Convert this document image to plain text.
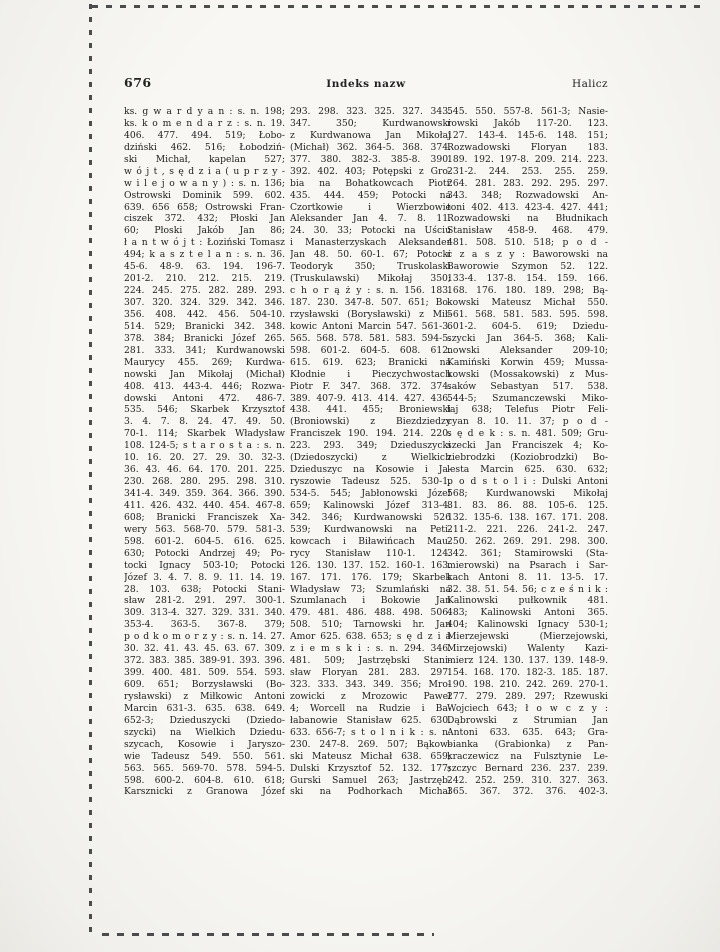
676	Indeks nazw	Halicz
ks. g w a r d y a n : s. n. 198;
ks. k o m e n d a r z : s. n. 19.
406. 477. 494. 519; Łobo-
dziński 462. 516; Łobodziń-
ski Michał, kapelan 527;
w ó j t , s ę d z i a ( u p r z y -
w i l e j o w a n y ) : s. n. 136;
Ostrowski Dominik 599. 602.
639. 656 658; Ostrowski Fran-
ciszek 372. 432; Płoski Jan
60; Płoski Jakób Jan 86;
ł a n t w ó j t : Łoziński Tomasz
494; k a s z t e l a n : s. n. 36.
45-6. 48-9. 63. 194. 196-7.
201-2. 210. 212. 215. 219.
224. 245. 275. 282. 289. 293.
307. 320. 324. 329. 342. 346.
356. 408. 442. 456. 504-10.
514. 529; Branicki 342. 348.
378. 384; Branicki Józef 265.
281. 333. 341; Kurdwanowski
Maurycy 455. 269; Kurdwa-
nowski Jan Mikołaj (Michał)
408. 413. 443-4. 446; Rozwa-
dowski Antoni 472. 486-7.
535. 546; Skarbek Krzysztof
3. 4. 7. 8. 24. 47. 49. 50.
70-1. 114; Skarbek Władysław
108. 124-5; s t a r o s t a : s. n.
10. 16. 20. 27. 29. 30. 32-3.
36. 43. 46. 64. 170. 201. 225.
230. 268. 280. 295. 298. 310.
341-4. 349. 359. 364. 366. 390.
411. 426. 432. 440. 454. 467-8.
608; Branicki Franciszek Xa-
wery 563. 568-70. 579. 581-3.
598. 601-2. 604-5. 616. 625.
630; Potocki Andrzej 49; Po-
tocki Ignacy 503-10; Potocki
Józef 3. 4. 7. 8. 9. 11. 14. 19.
28. 103. 638; Potocki Stani-
sław 281-2. 291. 297. 300-1.
309. 313-4. 327. 329. 331. 340.
353-4. 363-5. 367-8. 379;
p o d k o m o r z y : s. n. 14. 27.
30. 32. 41. 43. 45. 63. 67. 309.
372. 383. 385. 389-91. 393. 396.
399. 400. 481. 509. 554. 593.
609. 651; Borzysławski (Bo-
rysławski) z Miłkowic Antoni
Marcin 631-3. 635. 638. 649.
652-3; Dzieduszycki (Dziedo-
szycki) na Wielkich Dziedu-
szycach, Kosowie i Jaryszo-
wie Tadeusz 549. 550. 561.
563. 565. 569-70. 578. 594-5.
598. 600-2. 604-8. 610. 618;
Karsznicki z Granowa Józef
293. 298. 323. 325. 327. 343.
347. 350; Kurdwanowski
z Kurdwanowa Jan Mikołaj
(Michał) 362. 364-5. 368. 374.
377. 380. 382-3. 385-8. 390.
392. 402. 403; Potępski z Gro-
bia na Bohatkowcach Piotr
435. 444. 459; Potocki na
Czortkowie i Wierzbowie
Aleksander Jan 4. 7. 8. 11.
24. 30. 33; Potocki na Uściu
i Manasterzyskach Aleksander
Jan 48. 50. 60-1. 67; Potocki
Teodoryk 350; Truskolaski
(Truskulawski) Mikołaj 350;
c h o r ą ż y : s. n. 156. 183.
187. 230. 347-8. 507. 651; Bo-
rzysławski (Borysławski) z Mił-
kowic Antoni Marcin 547. 561-3.
565. 568. 578. 581. 583. 594-5.
598. 601-2. 604-5. 608. 612.
615. 619. 623; Branicki na
Kłodnie i Pieczychwostach
Piotr F. 347. 368. 372. 374.
389. 407-9. 413. 414. 427. 436.
438. 441. 455; Broniewski
(Broniowski) z Biezdziedzy
Franciszek 190. 194. 214. 220.
223. 293. 349; Dzieduszycki
(Dziedoszycki) z Wielkich
Dzieduszyc na Kosowie i Ja-
ryszowie Tadeusz 525. 530-1.
534-5. 545; Jabłonowski Józef
659; Kalinowski Józef 313-4.
342. 346; Kurdwanowski 526
539; Kurdwanowski na Peti-
kowcach i Biławińcach Mau-
rycy Stanisław 110-1. 124.
126. 130. 137. 152. 160-1. 163.
167. 171. 176. 179; Skarbek
Władysław 73; Szumlański na
Szumlanach i Bokowie Jan
479. 481. 486. 488. 498. 506.
508. 510; Tarnowski hr. Jan
Amor 625. 638. 653; s ę d z i a
z i e m s k i : s. n. 294. 346.
481. 509; Jastrzębski Stani-
sław Floryan 281. 283. 297.
323. 333. 343. 349. 356; Mro-
zowicki z Mrozowic Paweł
4; Worcell na Rudzie i Ba-
łabanowie Stanisław 625. 630.
633. 656-7; s t o l n i k : s. n.
230. 247-8. 269. 507; Bąkow-
ski Mateusz Michał 638. 659;
Dulski Krzysztof 52. 132. 177;
Gurski Samuel 263; Jastrzęb-
ski na Podhorkach Michał
545. 550. 557-8. 561-3; Nasie-
rowski Jakób 117-20. 123.
127. 143-4. 145-6. 148. 151;
Rozwadowski Floryan 183.
189. 192. 197-8. 209. 214. 223.
231-2. 244. 253. 255. 259.
264. 281. 283. 292. 295. 297.
343. 348; Rozwadowski An-
toni 402. 413. 423-4. 427. 441;
Rozwadowski na Błudnikach
Stanisław 458-9. 468. 479.
481. 508. 510. 518; p o d -
c z a s z y : Baworowski na
Baworowie Szymon 52. 122.
133-4. 137-8. 154. 159. 166.
168. 176. 180. 189. 298; Bą-
kowski Mateusz Michał 550.
561. 568. 581. 583. 595. 598.
601-2. 604-5. 619; Dziedu-
szycki Jan 364-5. 368; Kali-
nowski Aleksander 209-10;
Kamiński Korwin 459; Mussa-
kowski (Mossakowski) z Mus-
saków Sebastyan 517. 538.
544-5; Szumanczewski Miko-
łaj 638; Telefus Piotr Feli-
cyan 8. 10. 11. 37; p o d -
s ę d e k : s. n. 481. 509; Gru-
szecki Jan Franciszek 4; Ko-
ziebrodzki (Koziobrodzki) Bo-
lesta Marcin 625. 630. 632;
p o d s t o l i : Dulski Antoni
568; Kurdwanowski Mikołaj
81. 83. 86. 88. 105-6. 125.
132. 135-6. 138. 167. 171. 208.
211-2. 221. 226. 241-2. 247.
250. 262. 269. 291. 298. 300.
342. 361; Stamirowski (Sta-
mierowski) na Psarach i Sar-
kach Antoni 8. 11. 13-5. 17.
32. 38. 51. 54. 56; c z e ś n i k :
Kalinowski pułkownik 481.
483; Kalinowski Antoni 365.
404; Kalinowski Ignacy 530-1;
Mierzejewski (Mierzejowski,
Mirzejowski) Walenty Kazi-
mierz 124. 130. 137. 139. 148-9.
154. 168. 170. 182-3. 185. 187.
190. 198. 210. 242. 269. 270-1.
277. 279. 289. 297; Rzewuski
Wojciech 643; ł o w c z y :
Dąbrowski z Strumian Jan
Antoni 633. 635. 643; Gra-
bianka (Grabionka) z Pan-
kraczewicz na Fulsztynie Le-
szczyc Bernard 236. 237. 239.
242. 252. 259. 310. 327. 363.
365. 367. 372. 376. 402-3.
